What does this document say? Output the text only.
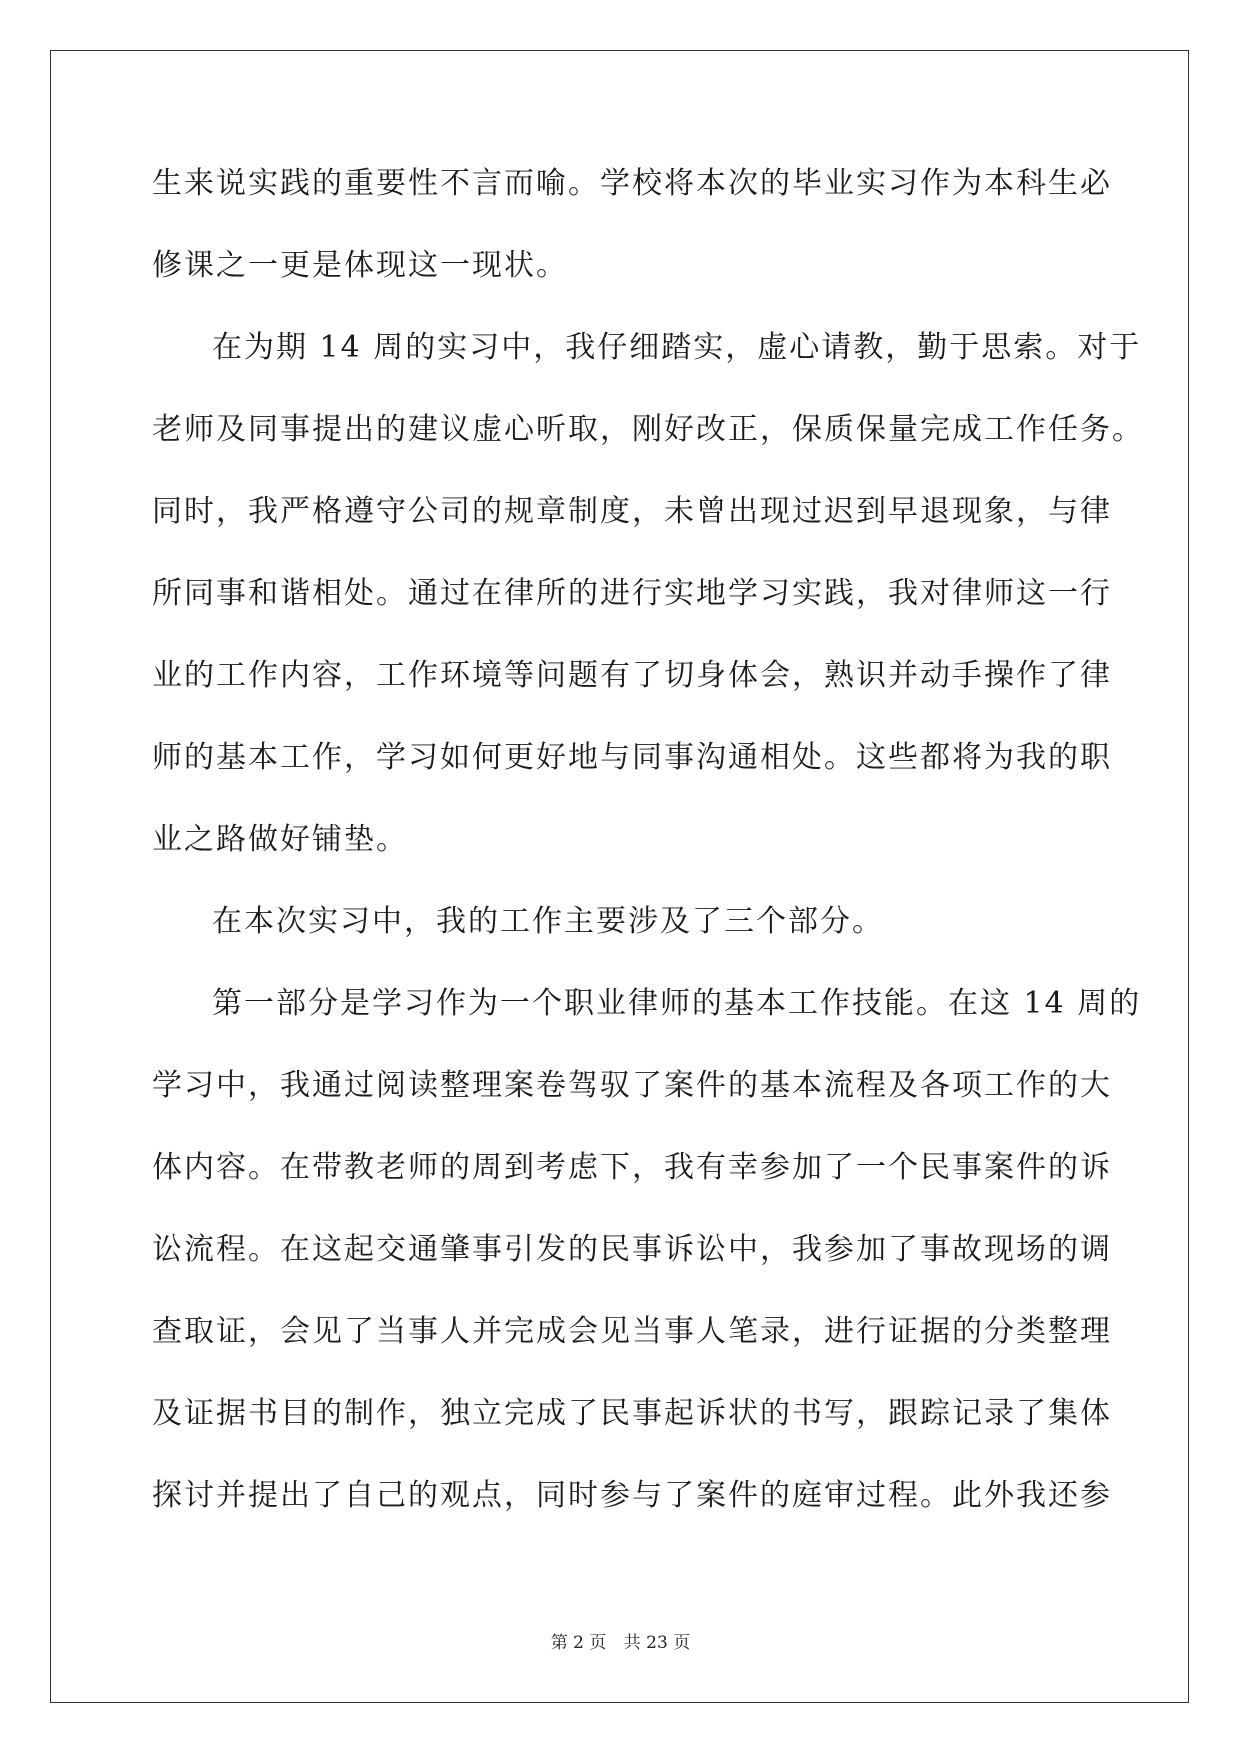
生来说实践的重要性不言而喻。学校将本次的毕业实习作为本科生必
修课之一更是体现这一现状。
在为期 14 周的实习中，我仔细踏实，虚心请教，勤于思索。对于
老师及同事提出的建议虚心听取，刚好改正，保质保量完成工作任务。
同时，我严格遵守公司的规章制度，未曾出现过迟到早退现象，与律
所同事和谐相处。通过在律所的进行实地学习实践，我对律师这一行
业的工作内容，工作环境等问题有了切身体会，熟识并动手操作了律
师的基本工作，学习如何更好地与同事沟通相处。这些都将为我的职
业之路做好铺垫。
在本次实习中，我的工作主要涉及了三个部分。
第一部分是学习作为一个职业律师的基本工作技能。在这 14 周的
学习中，我通过阅读整理案卷驾驭了案件的基本流程及各项工作的大
体内容。在带教老师的周到考虑下，我有幸参加了一个民事案件的诉
讼流程。在这起交通肇事引发的民事诉讼中，我参加了事故现场的调
查取证，会见了当事人并完成会见当事人笔录，进行证据的分类整理
及证据书目的制作，独立完成了民事起诉状的书写，跟踪记录了集体
探讨并提出了自己的观点，同时参与了案件的庭审过程。此外我还参
第 2 页 共 23 页
